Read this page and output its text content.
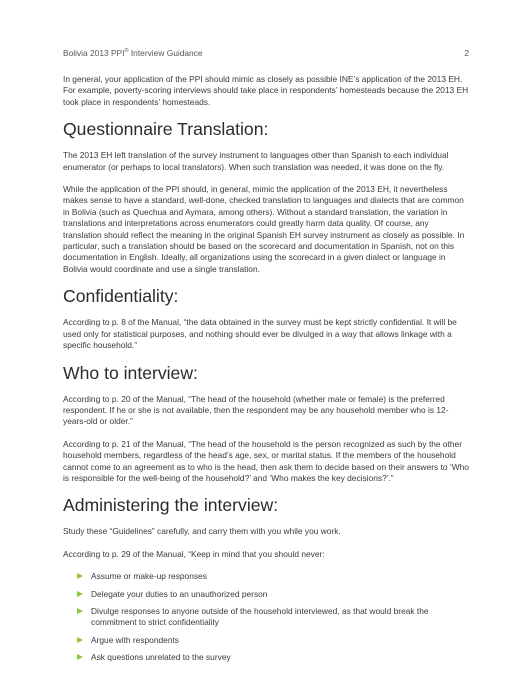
Bolivia 2013 PPI® Interview Guidance	2

In general, your application of the PPI should mimic as closely as possible INE’s application of the 2013 EH. For example, poverty-scoring interviews should take place in respondents’ homesteads because the 2013 EH took place in respondents’ homesteads.

Questionnaire Translation:

The 2013 EH left translation of the survey instrument to languages other than Spanish to each individual enumerator (or perhaps to local translators). When such translation was needed, it was done on the fly.

While the application of the PPI should, in general, mimic the application of the 2013 EH, it nevertheless makes sense to have a standard, well-done, checked translation to languages and dialects that are common in Bolivia (such as Quechua and Aymara, among others). Without a standard translation, the variation in translations and interpretations across enumerators could greatly harm data quality. Of course, any translation should reflect the meaning in the original Spanish EH survey instrument as closely as possible. In particular, such a translation should be based on the scorecard and documentation in Spanish, not on this documentation in English. Ideally, all organizations using the scorecard in a given dialect or language in Bolivia would coordinate and use a single translation.

Confidentiality:

According to p. 8 of the Manual, “the data obtained in the survey must be kept strictly confidential. It will be used only for statistical purposes, and nothing should ever be divulged in a way that allows linkage with a specific household.”

Who to interview:

According to p. 20 of the Manual, “The head of the household (whether male or female) is the preferred respondent. If he or she is not available, then the respondent may be any household member who is 12-years-old or older.”

According to p. 21 of the Manual, “The head of the household is the person recognized as such by the other household members, regardless of the head’s age, sex, or marital status. If the members of the household cannot come to an agreement as to who is the head, then ask them to decide based on their answers to ‘Who is responsible for the well-being of the household?’ and ‘Who makes the key decisions?’.”

Administering the interview:

Study these “Guidelines” carefully, and carry them with you while you work.

According to p. 29 of the Manual, “Keep in mind that you should never:

Assume or make-up responses
Delegate your duties to an unauthorized person
Divulge responses to anyone outside of the household interviewed, as that would break the commitment to strict confidentiality
Argue with respondents
Ask questions unrelated to the survey
